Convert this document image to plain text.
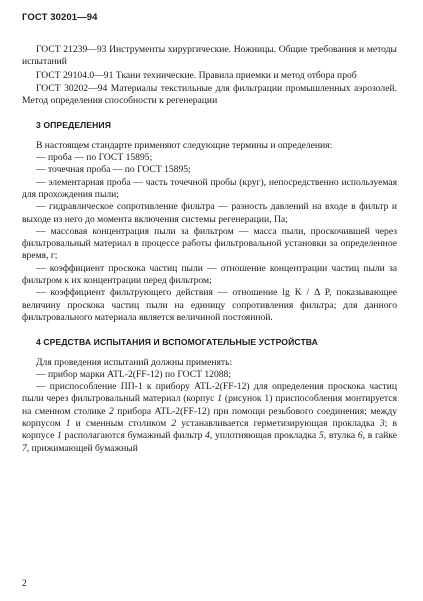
ГОСТ 30201—94

ГОСТ 21239—93 Инструменты хирургические. Ножницы. Общие требования и методы испытаний

ГОСТ 29104.0—91 Ткани технические. Правила приемки и метод отбора проб

ГОСТ 30202—94 Материалы текстильные для фильтрации промышленных аэрозолей. Метод определения способности к регенерации

3 ОПРЕДЕЛЕНИЯ

В настоящем стандарте применяют следующие термины и определения:

— проба — по ГОСТ 15895;

— точечная проба — по ГОСТ 15895;

— элементарная проба — часть точечной пробы (круг), непосредственно используемая для прохождения пыли;

— гидравлическое сопротивление фильтра — разность давлений на входе в фильтр и выходе из него до момента включения системы регенерации, Па;

— массовая концентрация пыли за фильтром — масса пыли, проскочившей через фильтровальный материал в процессе работы фильтровальной установки за определенное время, г;

— коэффициент проскока частиц пыли — отношение концентрации частиц пыли за фильтром к их концентрации перед фильтром;

— коэффициент фильтрующего действия — отношение lg K / Δ P, показывающее величину проскока частиц пыли на единицу сопротивления фильтра; для данного фильтровального материала является величиной постоянной.

4 СРЕДСТВА ИСПЫТАНИЯ И ВСПОМОГАТЕЛЬНЫЕ УСТРОЙСТВА

Для проведения испытаний должны применять:

— прибор марки ATL-2(FF-12) по ГОСТ 12088;

— приспособление ПП-1 к прибору ATL-2(FF-12) для определения проскока частиц пыли через фильтровальный материал (корпус 1 (рисунок 1) приспособления монтируется на сменном столике 2 прибора ATL-2(FF-12) при помощи резьбового соединения; между корпусом 1 и сменным столиком 2 устанавливается герметизирующая прокладка 3; в корпусе 1 располагаются бумажный фильтр 4, уплотняющая прокладка 5, втулка 6, в гайке 7, прижимающей бумажный

2
